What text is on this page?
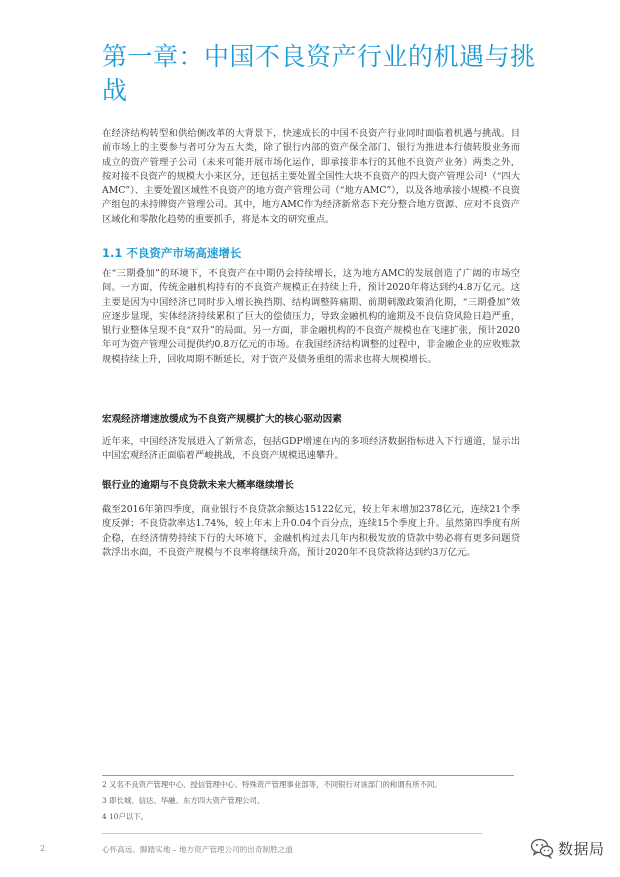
第一章：中国不良资产行业的机遇与挑战

在经济结构转型和供给侧改革的大背景下，快速成长的中国不良资产行业同时面临着机遇与挑战。目前市场上的主要参与者可分为五大类，除了银行内部的资产保全部门、银行为推进本行债转股业务而成立的资产管理子公司（未来可能开展市场化运作，即承接非本行的其他不良资产业务）两类之外，按对接不良资产的规模大小来区分，还包括主要处置全国性大块不良资产的四大资产管理公司¹（“四大AMC”）、主要处置区域性不良资产的地方资产管理公司（“地方AMC”），以及各地承接小规模·不良资产组包的未持牌资产管理公司。其中，地方AMC作为经济新常态下充分整合地方资源、应对不良资产区域化和零散化趋势的重要抓手，将是本文的研究重点。

1.1 不良资产市场高速增长

在“三期叠加”的环境下，不良资产在中期仍会持续增长，这为地方AMC的发展创造了广阔的市场空间。一方面，传统金融机构持有的不良资产规模正在持续上升，预计2020年将达到约4.8万亿元。这主要是因为中国经济已同时步入增长换挡期、结构调整阵痛期、前期刺激政策消化期，“三期叠加”效应逐步显现，实体经济持续累积了巨大的偿债压力，导致金融机构的逾期及不良信贷风险日趋严重，银行业整体呈现不良“双升”的局面。另一方面，非金融机构的不良资产规模也在飞速扩张，预计2020年可为资产管理公司提供约0.8万亿元的市场。在我国经济结构调整的过程中，非金融企业的应收账款规模持续上升，回收周期不断延长，对于资产及债务重组的需求也将大规模增长。

宏观经济增速放缓成为不良资产规模扩大的核心驱动因素

近年来，中国经济发展进入了新常态，包括GDP增速在内的多项经济数据指标进入下行通道，显示出中国宏观经济正面临着严峻挑战，不良资产规模迅速攀升。

银行业的逾期与不良贷款未来大概率继续增长

截至2016年第四季度，商业银行不良贷款余额达15122亿元，较上年末增加2378亿元，连续21个季度反弹；不良贷款率达1.74%，较上年末上升0.04个百分点，连续15个季度上升。虽然第四季度有所企稳，在经济情势持续下行的大环境下，金融机构过去几年内积极发放的贷款中势必将有更多问题贷款浮出水面，不良资产规模与不良率将继续升高，预计2020年不良贷款将达到约3万亿元。

2 又名不良资产管理中心、授信管理中心、特殊资产管理事业部等，不同银行对该部门的称谓有所不同。

3 即长城、信达、华融、东方四大资产管理公司。

4 10户以下。

2	心怀高远、脚踏实地 – 地方资产管理公司的出奇制胜之道	数据局
